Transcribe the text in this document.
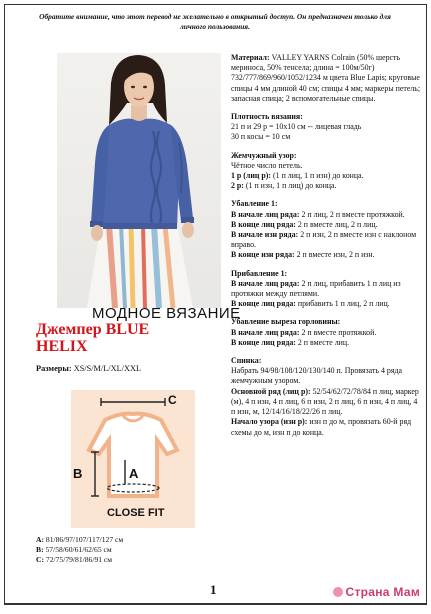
Обратите внимание, что этот перевод не желательно в открытый доступ. Он предназначен только для личного пользования.
МОДНОЕ ВЯЗАНИЕ
Джемпер BLUE
HELIX
Размеры: XS/S/M/L/XL/XXL
C
B	A
CLOSE FIT
A: 81/86/97/107/117/127 см
B: 57/58/60/61/62/65 см
C: 72/75/79/81/86/91 см

Материал: VALLEY YARNS Colrain (50% шерсть мериноса, 50% тенсела; длина = 100м/50г) 732/777/869/960/1052/1234 м цвета Blue Lapis; круговые спицы 4 мм длиной 40 см; спицы 4 мм; маркеры петель; запасная спица; 2 вспомогательные спицы.

Плотность вязания:

21 п и 29 р = 10х10 см -- лицевая гладь

30 п косы = 10 см

Жемчужный узор:

Чётное число петель.

1 р (лиц р): (1 п лиц, 1 п изн) до конца.

2 р: (1 п изн, 1 п лиц) до конца.

Убавление 1:

В начале лиц ряда: 2 п лиц, 2 п вместе протяжкой.

В конце лиц ряда: 2 п вместе лиц, 2 п лиц.

В начале изн ряда: 2 п изн, 2 п вместе изн с наклоном вправо.

В конце изн ряда: 2 п вместе изн, 2 п изн.

Прибавление 1:

В начале лиц ряда: 2 п лиц, прибавить 1 п лиц из протяжки между петлями.

В конце лиц ряда: прибавить 1 п лиц, 2 п лиц.

Убавление выреза горловины:

В начале лиц ряда: 2 п вместе протяжкой.

В конце лиц ряда: 2 п вместе лиц.

Спинка:

Набрать 94/98/108/120/130/140 п. Провязать 4 ряда жемчужным узором.

Основной ряд (лиц р): 52/54/62/72/78/84 п лиц, маркер (м), 4 п изн, 4 п лиц, 6 п изн, 2 п лиц, 6 п изн, 4 п лиц, 4 п изн, м, 12/14/16/18/22/26 п лиц.

Начало узора (изн р): изн п до м, провязать 60-й ряд схемы до м, изн п до конца.

1	Страна Мам
